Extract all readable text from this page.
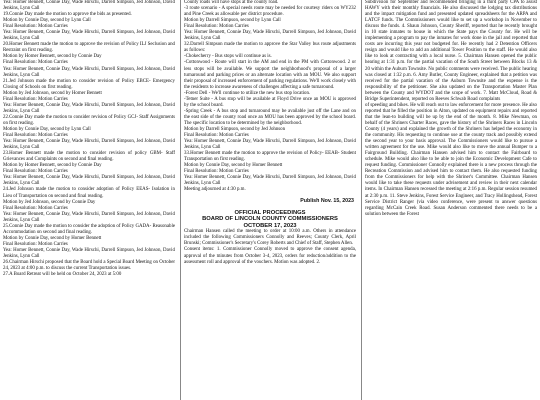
Yea: Homer Bennett, Connie Day, Wade Hirschi, Darrell Simpson, Jed Johnson, David Jenkins, Lynn Call

19.Connie Day made the motion to approve the bids as presented.

Motion by Connie Day, second by Lynn Call

Final Resolution: Motion Carries

Yea: Homer Bennett, Connie Day, Wade Hirschi, Darrell Simpson, Jed Johnson, David Jenkins, Lynn Call

20.Homer Bennett made the motion to approve the revision of Policy ILJ Seclusion and Restraint on first reading.

Motion by Homer Bennett, second by Connie Day

Final Resolution: Motion Carries

Yea: Homer Bennett, Connie Day, Wade Hirschi, Darrell Simpson, Jed Johnson, David Jenkins, Lynn Call

21.Jed Johnson made the motion to consider revision of Policy EBCE- Emergency Closing of Schools on first reading.

Motion by Jed Johnson, second by Homer Bennett

Final Resolution: Motion Carries

Yea: Homer Bennett, Connie Day, Wade Hirschi, Darrell Simpson, Jed Johnson, David Jenkins, Lynn Call

22.Connie Day made the motion to consider revision of Policy GCJ- Staff Assignments on first reading.

Motion by Connie Day, second by Lynn Call

Final Resolution: Motion Carries

Yea: Homer Bennett, Connie Day, Wade Hirschi, Darrell Simpson, Jed Johnson, David Jenkins, Lynn Call

23.Homer Bennett made the motion to consider revision of policy GBM- Staff Grievances and Complaints on second and final reading.

Motion by Homer Bennett, second by Connie Day

Final Resolution: Motion Carries

Yea: Homer Bennett, Connie Day, Wade Hirschi, Darrell Simpson, Jed Johnson, David Jenkins, Lynn Call

24.Jed Johnson made the motion to consider adoption of Policy EEAS- Isolation in Lieu of Transportation on second and final reading.

Motion by Jed Johnson, second by Connie Day

Final Resolution: Motion Carries

Yea: Homer Bennett, Connie Day, Wade Hirschi, Darrell Simpson, Jed Johnson, David Jenkins, Lynn Call

25.Connie Day made the motion to consider the adoption of Policy GADA- Reasonable Accommodation on second and final reading.

Motion by Connie Day, second by Homer Bennett

Final Resolution: Motion Carries

Yea: Homer Bennett, Connie Day, Wade Hirschi, Darrell Simpson, Jed Johnson, David Jenkins, Lynn Call

26.Chairman Hirschi proposed that the Board hold a Special Board Meeting on October 24, 2023 at 4:00 p.m. to discuss the current Transportation issues.

27.A Board Retreat will be held on October 24, 2023 at 5:00

County roads will have stops at the county road.

-3 route scenario - A special needs route may be needed for courtesy riders on WY232 and Pine Creek as allowable per district procedure.

Motion by Darrell Simpson, second by Lynn Call

Final Resolution: Motion Carries

Yea: Homer Bennett, Connie Day, Wade Hirschi, Darrell Simpson, Jed Johnson, David Jenkins, Lynn Call

32.Darrell Simpson made the motion to approve the Star Valley bus route adjustments as follows:

-Chokecherry - Bus stops will continue as is.

-Cottonwood - Route will start in the AM and end in the PM with Cottonwood. 2 or less stops will be available. We support the neighborhood's proposal of a larger turnaround and parking prices or an alternate location with an MOU. We also support their proposal of increased enforcement of parking regulations. We'll work closely with the residents to increase awareness of challenges affecting a safe turnaround.

-Forest Dell - We'll continue to utilize the new bus stop location.

-Tetner Suite - A bus stop will be available at Floyd Drive once an MOU is approved by the school board.

-Spring Creek - A bus stop and turnaround may be available just off the Lane and on the east side of the county road once an MOU has been approved by the school board. The specific location to be determined by the neighborhood.

Motion by Darrell Simpson, second by Jed Johnson

Final Resolution: Motion Carries

Yea: Homer Bennett, Connie Day, Wade Hirschi, Darrell Simpson, Jed Johnson, David Jenkins, Lynn Call

33.Homer Bennett made the motion to approve the revision of Policy- EEAB- Student Transportation on first reading.

Motion by Connie Day, second by Homer Bennett

Final Resolution: Motion Carries

Yea: Homer Bennett, Connie Day, Wade Hirschi, Darrell Simpson, Jed Johnson, David Jenkins, Lynn Call

Meeting adjourned at 4:30 p.m.

Publish Nov. 15, 2023

OFFICIAL PROCEEDINGS

BOARD OF LINCOLN COUNTY COMMISSIONERS

OCTOBER 17, 2023

Chairman Hansen called the meeting to order at 10:00 a.m. Others in attendance included the following Commissioners Connolly and Reeves; County Clerk, April Brunski; Commissioner's Secretary's Corey Roberts and Chief of Staff, Stephen Allen.

Consent items: 1. Commissioner Connolly moved to approve the consent agenda, approval of the minutes from October 3-4, 2023, orders for reduction/addition to the assessment roll and approval of the vouchers. Motion was adopted. 2.

Subdivision for September and recommended bringing in a third party CPA to assist HAWY with their monthly financials. He also discussed the lodging tax distributions and the impact mitigation fund and presented updated spreadsheets for the ARPA and LATCF funds. The Commissioners would like to set up a workshop in November to discuss the funds. 4. Shaun Johnson, County Sheriff, reported that he recently brought in 10 state inmates to house in which the State pays the County for. He will be implementing a program to pay the inmates for work done in the jail and reported that costs are incurring this year not budgeted for. He recently had 2 Detention Officers resign and would like to add an additional Tower Position to the staff. He would also like to look at contracting with a local nurse. 5. Chairman Hansen opened the public hearing at 1:31 p.m. for the partial vacation of the South Street between Blocks 13 & 20 within the Auburn Townsite. No public comments were received. The public hearing was closed at 1:32 p.m. 6. Amy Butler, County Engineer, explained that a petition was received for the partial vacation of the Auburn Townsite and the expense is the responsibility of the petitioner. She also updated on the Transportation Master Plan between the County and WYDOT and the scope of work. 7. Matt McCloud, Road & Bridge Superintendent, reported on Reeves Schwab Road complaints

of speeding and bikes. He will reach out to law enforcement for more presence. He also reported that he filled the position in Alton, updated on equipment repairs and reported that the lean-to building will be up by the end of the month. 8. Mike Newman, on behalf of the Shriners Charter Races, gave the history of the Shriners Races in Lincoln County (4 years) and explained the growth of the Shriners has helped the economy in the community. His requesting to continue use at the county track and possibly extend the second year to your basis approval. The Commissioners would like to pursue a written agreement for the use. Mike would also like to move the annual Bumper to a Fairground Building. Chairman Hansen advised him to contact the Fairboard to schedule. Mike would also like to be able to join the Economic Development Cafe to request funding. Commissioner Connolly explained there is a new process through the Recreation Commission and advised him to contact them. He also requested funding from the Commissioners for help with the Shriner's Committee. Chairman Hansen would like to take these requests under advisement and review in their next calendar items. In Chairman Hansen recessed the meeting at 2:16 p.m. Regular session resumed at 2:30 p.m. 11. Steve Jenkins, Forest Service Engineer, and Tracy Hollingshead, Forest Service District Ranger (via video conference, were present to answer questions regarding McCain Creek Road. Susan Anderson commented there needs to be a solution between the Forest
